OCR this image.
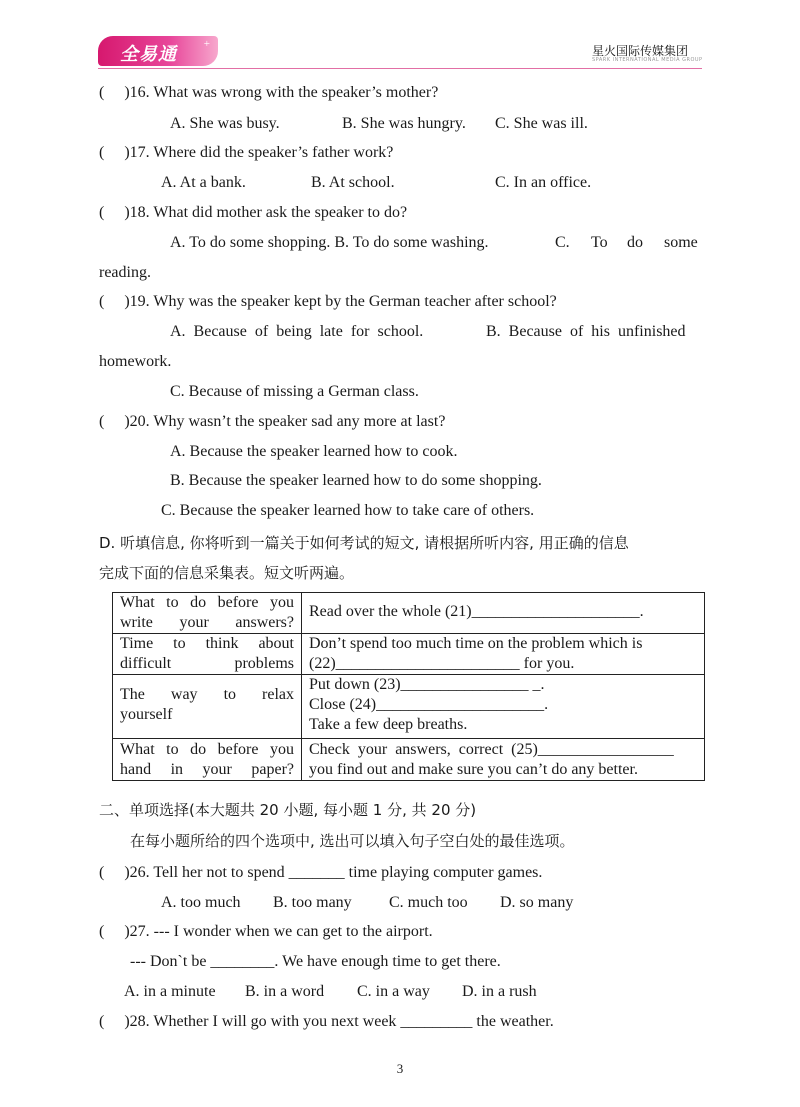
全易通 +	星火国际传媒集团
SPARK INTERNATIONAL MEDIA GROUP
(　 )16. What was wrong with the speaker’s mother?
A. She was busy.	B. She was hungry. C. She was ill.
(　 )17. Where did the speaker’s father work?
A. At a bank.	B. At school.	C. In an office.
(　 )18. What did mother ask the speaker to do?
A. To do some shopping. B. To do some washing.	C. To do some
reading.
(　 )19. Why was the speaker kept by the German teacher after school?
A.  Because  of  being  late  for  school.	B.  Because  of  his  unfinished
homework.
C. Because of missing a German class.
(　 )20. Why wasn’t the speaker sad any more at last?
A. Because the speaker learned how to cook.
B. Because the speaker learned how to do some shopping.
C. Because the speaker learned how to take care of others.
D. 听填信息, 你将听到一篇关于如何考试的短文, 请根据所听内容, 用正确的信息
完成下面的信息采集表。短文听两遍。
What  to  do  before  you
write your answers?	Read over the whole (21)_____________________.

Time   to   think   about
difficult problems	Don’t spend too much time on the problem which is
(22)_______________________ for you.

The    way    to    relax
yourself	Put down (23)________________ _.
Close (24)_____________________.
Take a few deep breaths.

What  to  do  before  you
hand in your paper?	Check  your  answers,  correct  (25)_________________
you find out and make sure you can’t do any better.
二、单项选择(本大题共 20 小题, 每小题 1 分, 共 20 分)
在每小题所给的四个选项中, 选出可以填入句子空白处的最佳选项。
(　 )26. Tell her not to spend _______ time playing computer games.
A. too much B. too many C. much too D. so many
(　 )27. --- I wonder when we can get to the airport.
--- Don`t be ________. We have enough time to get there.
A. in a minute B. in a word C. in a way D. in a rush
(　 )28. Whether I will go with you next week _________ the weather.
3
